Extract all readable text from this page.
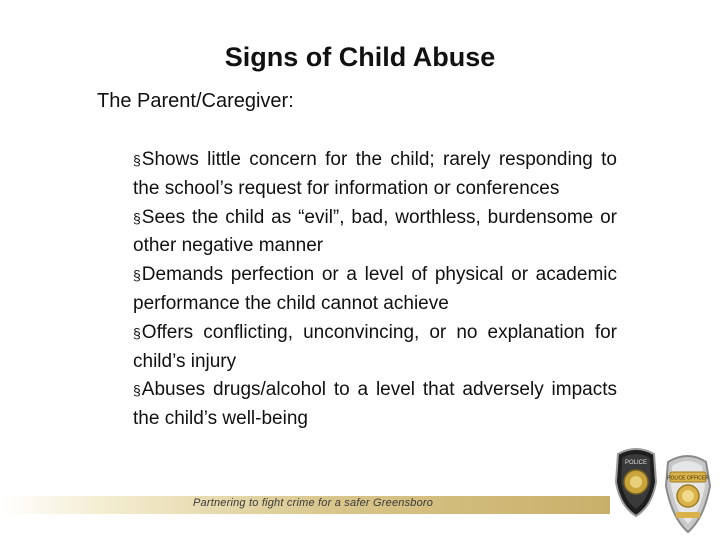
Signs of Child Abuse
The Parent/Caregiver:

§Shows little concern for the child; rarely responding to the school’s request for information or conferences

§Sees the child as “evil”, bad, worthless, burdensome or other negative manner

§Demands perfection or a level of physical or academic performance the child cannot achieve

§Offers conflicting, unconvincing, or no explanation for child’s injury

§Abuses drugs/alcohol to a level that adversely impacts the child’s well-being

Partnering to fight crime for a safer Greensboro
POLICE
POLICE OFFICER
